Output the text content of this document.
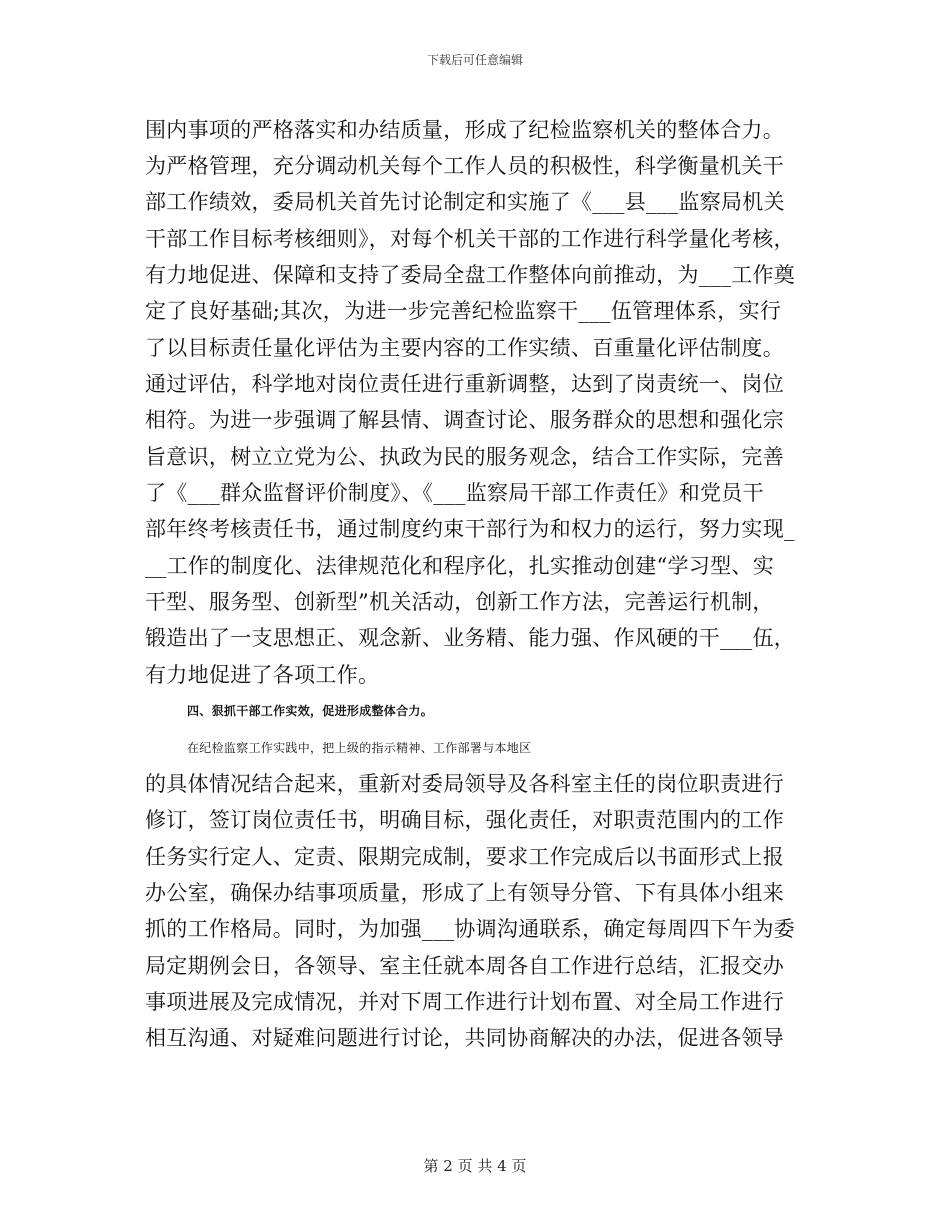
下载后可任意编辑
围内事项的严格落实和办结质量，形成了纪检监察机关的整体合力。
为严格管理，充分调动机关每个工作人员的积极性，科学衡量机关干
部工作绩效，委局机关首先讨论制定和实施了《___县___监察局机关
干部工作目标考核细则》，对每个机关干部的工作进行科学量化考核，
有力地促进、保障和支持了委局全盘工作整体向前推动，为___工作奠
定了良好基础;其次，为进一步完善纪检监察干___伍管理体系，实行
了以目标责任量化评估为主要内容的工作实绩、百重量化评估制度。
通过评估，科学地对岗位责任进行重新调整，达到了岗责统一、岗位
相符。为进一步强调了解县情、调查讨论、服务群众的思想和强化宗
旨意识，树立立党为公、执政为民的服务观念，结合工作实际，完善
了《___群众监督评价制度》、《___监察局干部工作责任》和党员干
部年终考核责任书，通过制度约束干部行为和权力的运行，努力实现_
__工作的制度化、法律规范化和程序化，扎实推动创建“学习型、实
干型、服务型、创新型”机关活动，创新工作方法，完善运行机制，
锻造出了一支思想正、观念新、业务精、能力强、作风硬的干___伍，
有力地促进了各项工作。
四、狠抓干部工作实效，促进形成整体合力。
在纪检监察工作实践中，把上级的指示精神、工作部署与本地区
的具体情况结合起来，重新对委局领导及各科室主任的岗位职责进行
修订，签订岗位责任书，明确目标，强化责任，对职责范围内的工作
任务实行定人、定责、限期完成制，要求工作完成后以书面形式上报
办公室，确保办结事项质量，形成了上有领导分管、下有具体小组来
抓的工作格局。同时，为加强___协调沟通联系，确定每周四下午为委
局定期例会日，各领导、室主任就本周各自工作进行总结，汇报交办
事项进展及完成情况，并对下周工作进行计划布置、对全局工作进行
相互沟通、对疑难问题进行讨论，共同协商解决的办法，促进各领导
第 2 页 共 4 页
